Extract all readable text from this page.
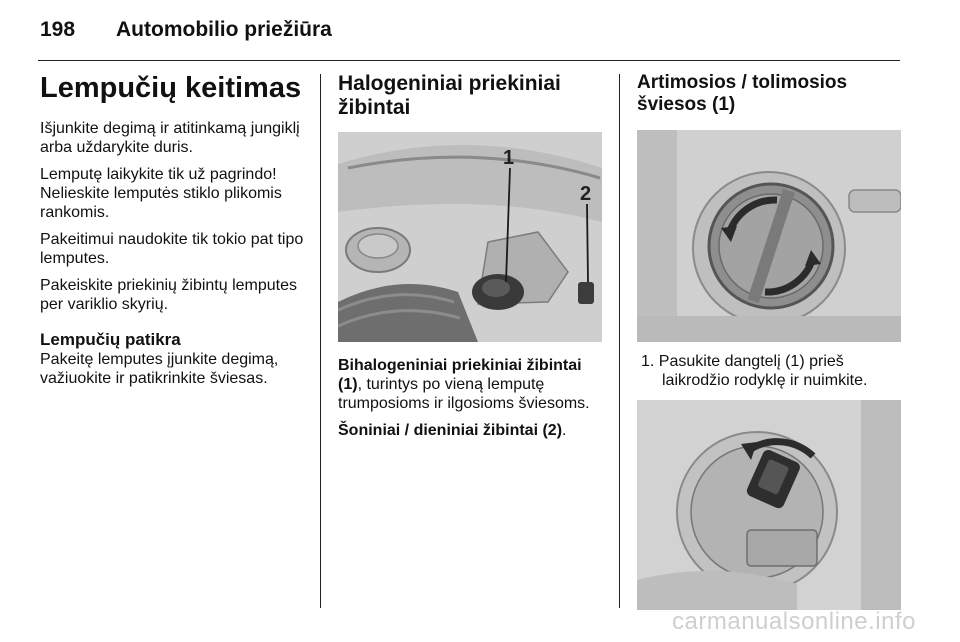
198 Automobilio priežiūra
Lempučių keitimas

Išjunkite degimą ir atitinkamą jungiklį arba uždarykite duris.

Lemputę laikykite tik už pagrindo! Nelieskite lemputės stiklo plikomis rankomis.

Pakeitimui naudokite tik tokio pat tipo lemputes.

Pakeiskite priekinių žibintų lemputes per variklio skyrių.

Lempučių patikra

Pakeitę lemputes įjunkite degimą, važiuokite ir patikrinkite šviesas.

Halogeniniai priekiniai žibintai
1
2

Bihalogeniniai priekiniai žibintai (1), turintys po vieną lemputę trumposioms ir ilgosioms šviesoms.

Šoniniai / dieniniai žibintai (2).

Artimosios / tolimosios šviesos (1)
1. Pasukite dangtelį (1) prieš laikrodžio rodyklę ir nuimkite.
carmanualsonline.info
